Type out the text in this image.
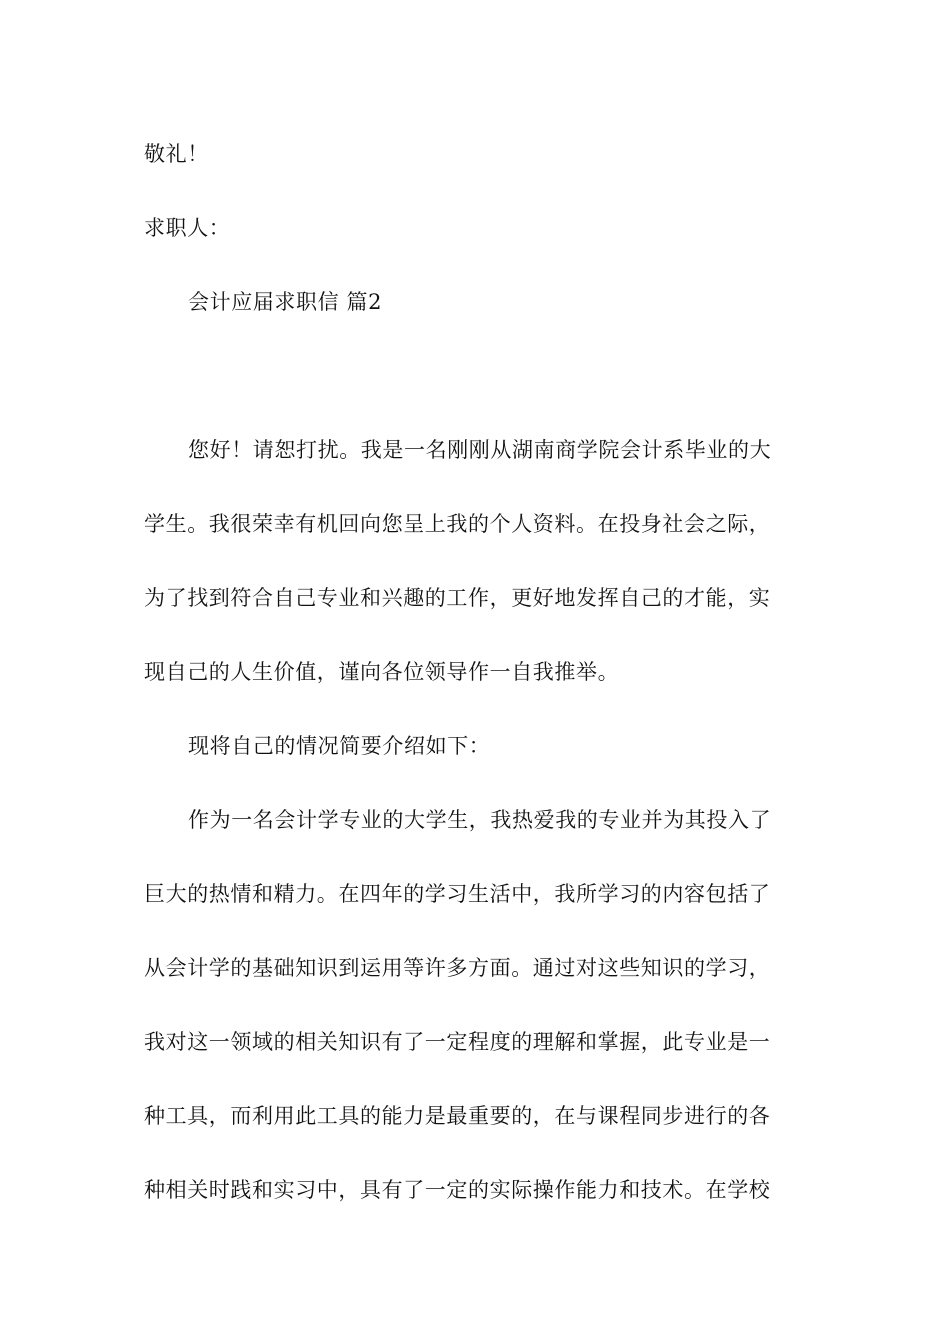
敬礼！
求职人：
会计应届求职信 篇2
您好！请恕打扰。我是一名刚刚从湖南商学院会计系毕业的大
学生。我很荣幸有机回向您呈上我的个人资料。在投身社会之际，
为了找到符合自己专业和兴趣的工作，更好地发挥自己的才能，实
现自己的人生价值，谨向各位领导作一自我推举。
现将自己的情况简要介绍如下：
作为一名会计学专业的大学生，我热爱我的专业并为其投入了
巨大的热情和精力。在四年的学习生活中，我所学习的内容包括了
从会计学的基础知识到运用等许多方面。通过对这些知识的学习，
我对这一领域的相关知识有了一定程度的理解和掌握，此专业是一
种工具，而利用此工具的能力是最重要的，在与课程同步进行的各
种相关时践和实习中，具有了一定的实际操作能力和技术。在学校
